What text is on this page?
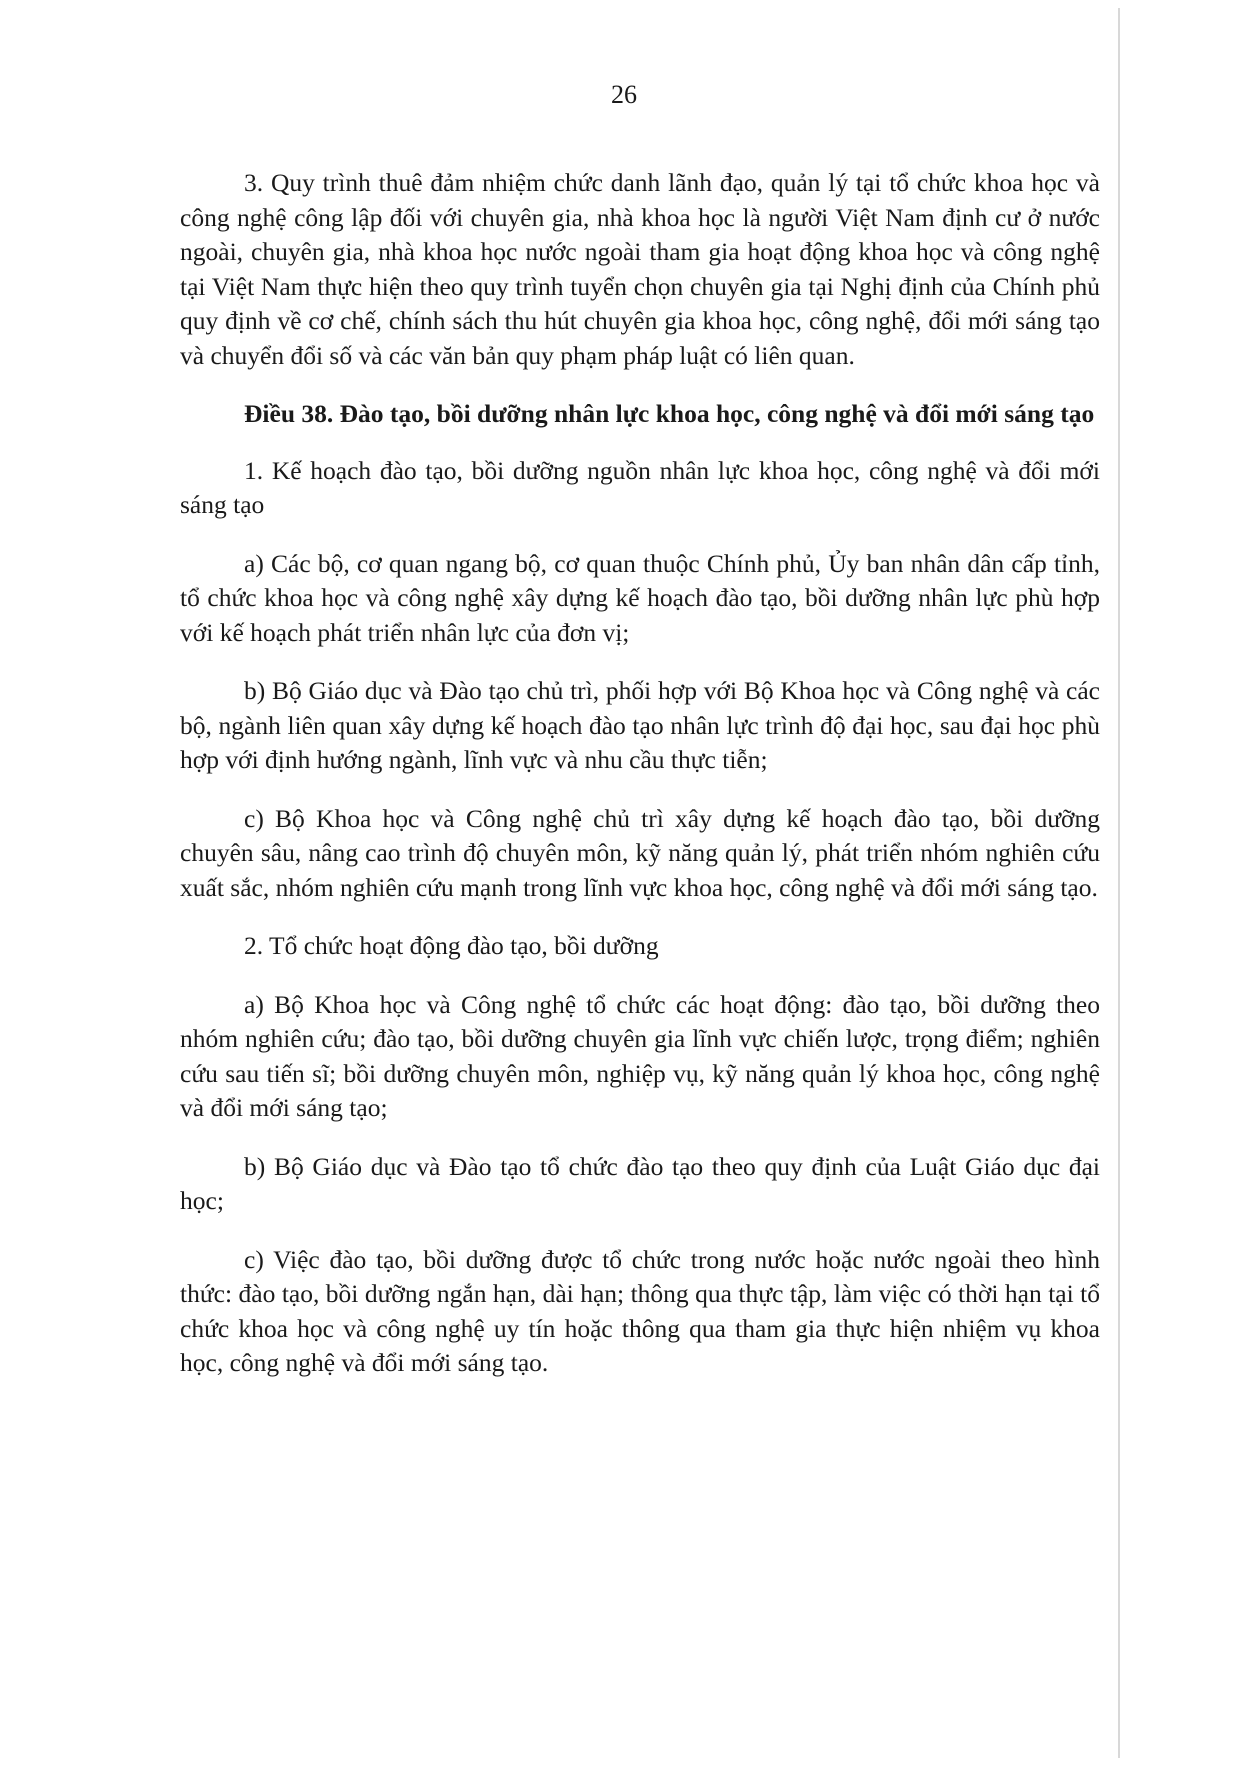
26

3. Quy trình thuê đảm nhiệm chức danh lãnh đạo, quản lý tại tổ chức khoa học và công nghệ công lập đối với chuyên gia, nhà khoa học là người Việt Nam định cư ở nước ngoài, chuyên gia, nhà khoa học nước ngoài tham gia hoạt động khoa học và công nghệ tại Việt Nam thực hiện theo quy trình tuyển chọn chuyên gia tại Nghị định của Chính phủ quy định về cơ chế, chính sách thu hút chuyên gia khoa học, công nghệ, đổi mới sáng tạo và chuyển đổi số và các văn bản quy phạm pháp luật có liên quan.

Điều 38. Đào tạo, bồi dưỡng nhân lực khoa học, công nghệ và đổi mới sáng tạo

1. Kế hoạch đào tạo, bồi dưỡng nguồn nhân lực khoa học, công nghệ và đổi mới sáng tạo

a) Các bộ, cơ quan ngang bộ, cơ quan thuộc Chính phủ, Ủy ban nhân dân cấp tỉnh, tổ chức khoa học và công nghệ xây dựng kế hoạch đào tạo, bồi dưỡng nhân lực phù hợp với kế hoạch phát triển nhân lực của đơn vị;

b) Bộ Giáo dục và Đào tạo chủ trì, phối hợp với Bộ Khoa học và Công nghệ và các bộ, ngành liên quan xây dựng kế hoạch đào tạo nhân lực trình độ đại học, sau đại học phù hợp với định hướng ngành, lĩnh vực và nhu cầu thực tiễn;

c) Bộ Khoa học và Công nghệ chủ trì xây dựng kế hoạch đào tạo, bồi dưỡng chuyên sâu, nâng cao trình độ chuyên môn, kỹ năng quản lý, phát triển nhóm nghiên cứu xuất sắc, nhóm nghiên cứu mạnh trong lĩnh vực khoa học, công nghệ và đổi mới sáng tạo.

2. Tổ chức hoạt động đào tạo, bồi dưỡng

a) Bộ Khoa học và Công nghệ tổ chức các hoạt động: đào tạo, bồi dưỡng theo nhóm nghiên cứu; đào tạo, bồi dưỡng chuyên gia lĩnh vực chiến lược, trọng điểm; nghiên cứu sau tiến sĩ; bồi dưỡng chuyên môn, nghiệp vụ, kỹ năng quản lý khoa học, công nghệ và đổi mới sáng tạo;

b) Bộ Giáo dục và Đào tạo tổ chức đào tạo theo quy định của Luật Giáo dục đại học;

c) Việc đào tạo, bồi dưỡng được tổ chức trong nước hoặc nước ngoài theo hình thức: đào tạo, bồi dưỡng ngắn hạn, dài hạn; thông qua thực tập, làm việc có thời hạn tại tổ chức khoa học và công nghệ uy tín hoặc thông qua tham gia thực hiện nhiệm vụ khoa học, công nghệ và đổi mới sáng tạo.
